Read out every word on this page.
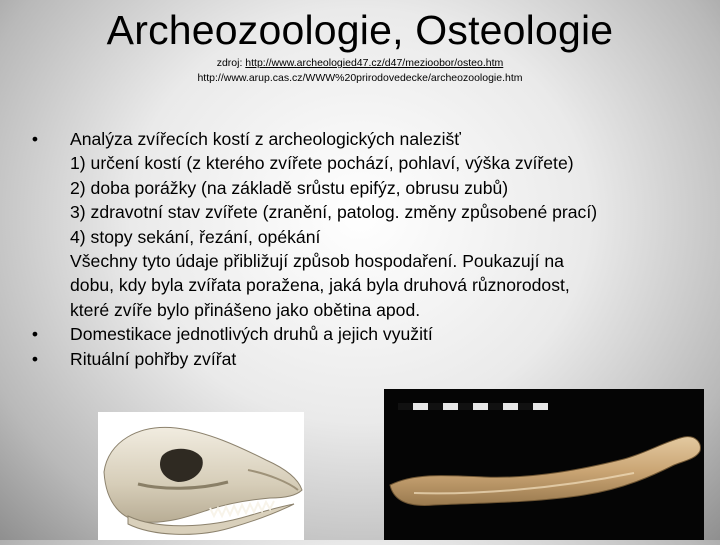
Archeozoologie, Osteologie
zdroj: http://www.archeologied47.cz/d47/mezioobor/osteo.htm
http://www.arup.cas.cz/WWW%20prirodovedecke/archeozoologie.htm
• Analýza zvířecích kostí z archeologických nalezišť
1) určení kostí (z kterého zvířete pochází, pohlaví, výška zvířete)
2) doba porážky (na základě srůstu epifýz, obrusu zubů)
3) zdravotní stav zvířete (zranění, patolog. změny způsobené prací)
4) stopy sekání, řezání, opékání
Všechny tyto údaje přibližují způsob hospodaření. Poukazují na
dobu, kdy byla zvířata poražena, jaká byla druhová různorodost,
které zvíře bylo přinášeno jako obětina apod.
• Domestikace jednotlivých druhů a jejich využití
• Rituální pohřby zvířat
